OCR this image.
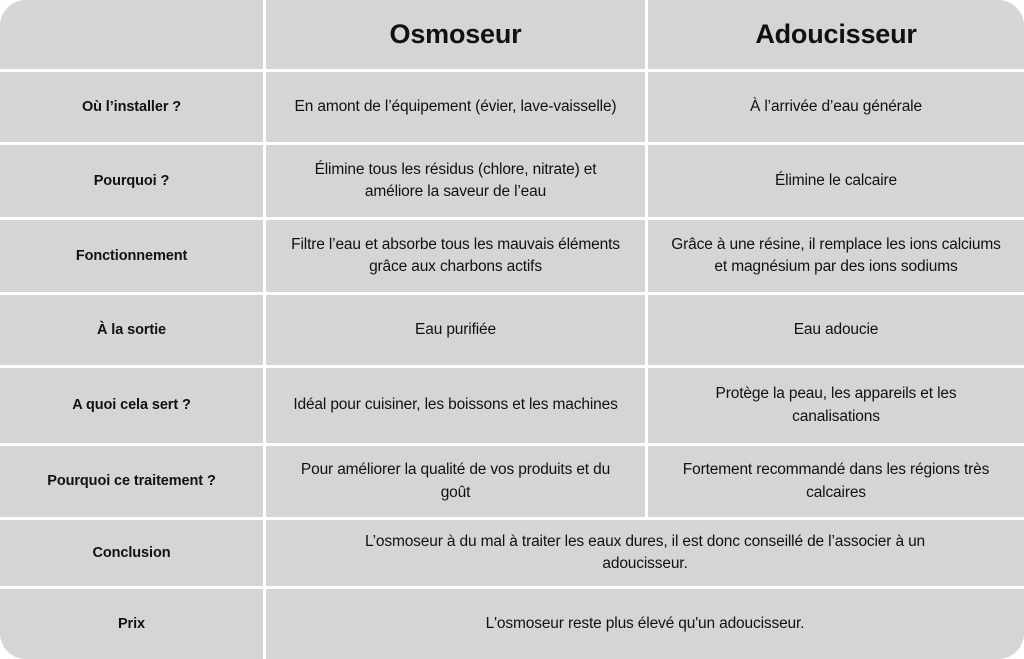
	Osmoseur	Adoucisseur
Où l’installer ?	En amont de l’équipement (évier, lave-vaisselle)	À l’arrivée d’eau générale
Pourquoi ?	Élimine tous les résidus (chlore, nitrate) et améliore la saveur de l’eau	Élimine le calcaire
Fonctionnement	Filtre l’eau et absorbe tous les mauvais éléments grâce aux charbons actifs	Grâce à une résine, il remplace les ions calciums et magnésium par des ions sodiums
À la sortie	Eau purifiée	Eau adoucie
A quoi cela sert ?	Idéal pour cuisiner, les boissons et les machines	Protège la peau, les appareils et les canalisations
Pourquoi ce traitement ?	Pour améliorer la qualité de vos produits et du goût	Fortement recommandé dans les régions très calcaires
Conclusion	L’osmoseur à du mal à traiter les eaux dures, il est donc conseillé de l’associer à un adoucisseur.	
Prix	L'osmoseur reste plus élevé qu'un adoucisseur.	
